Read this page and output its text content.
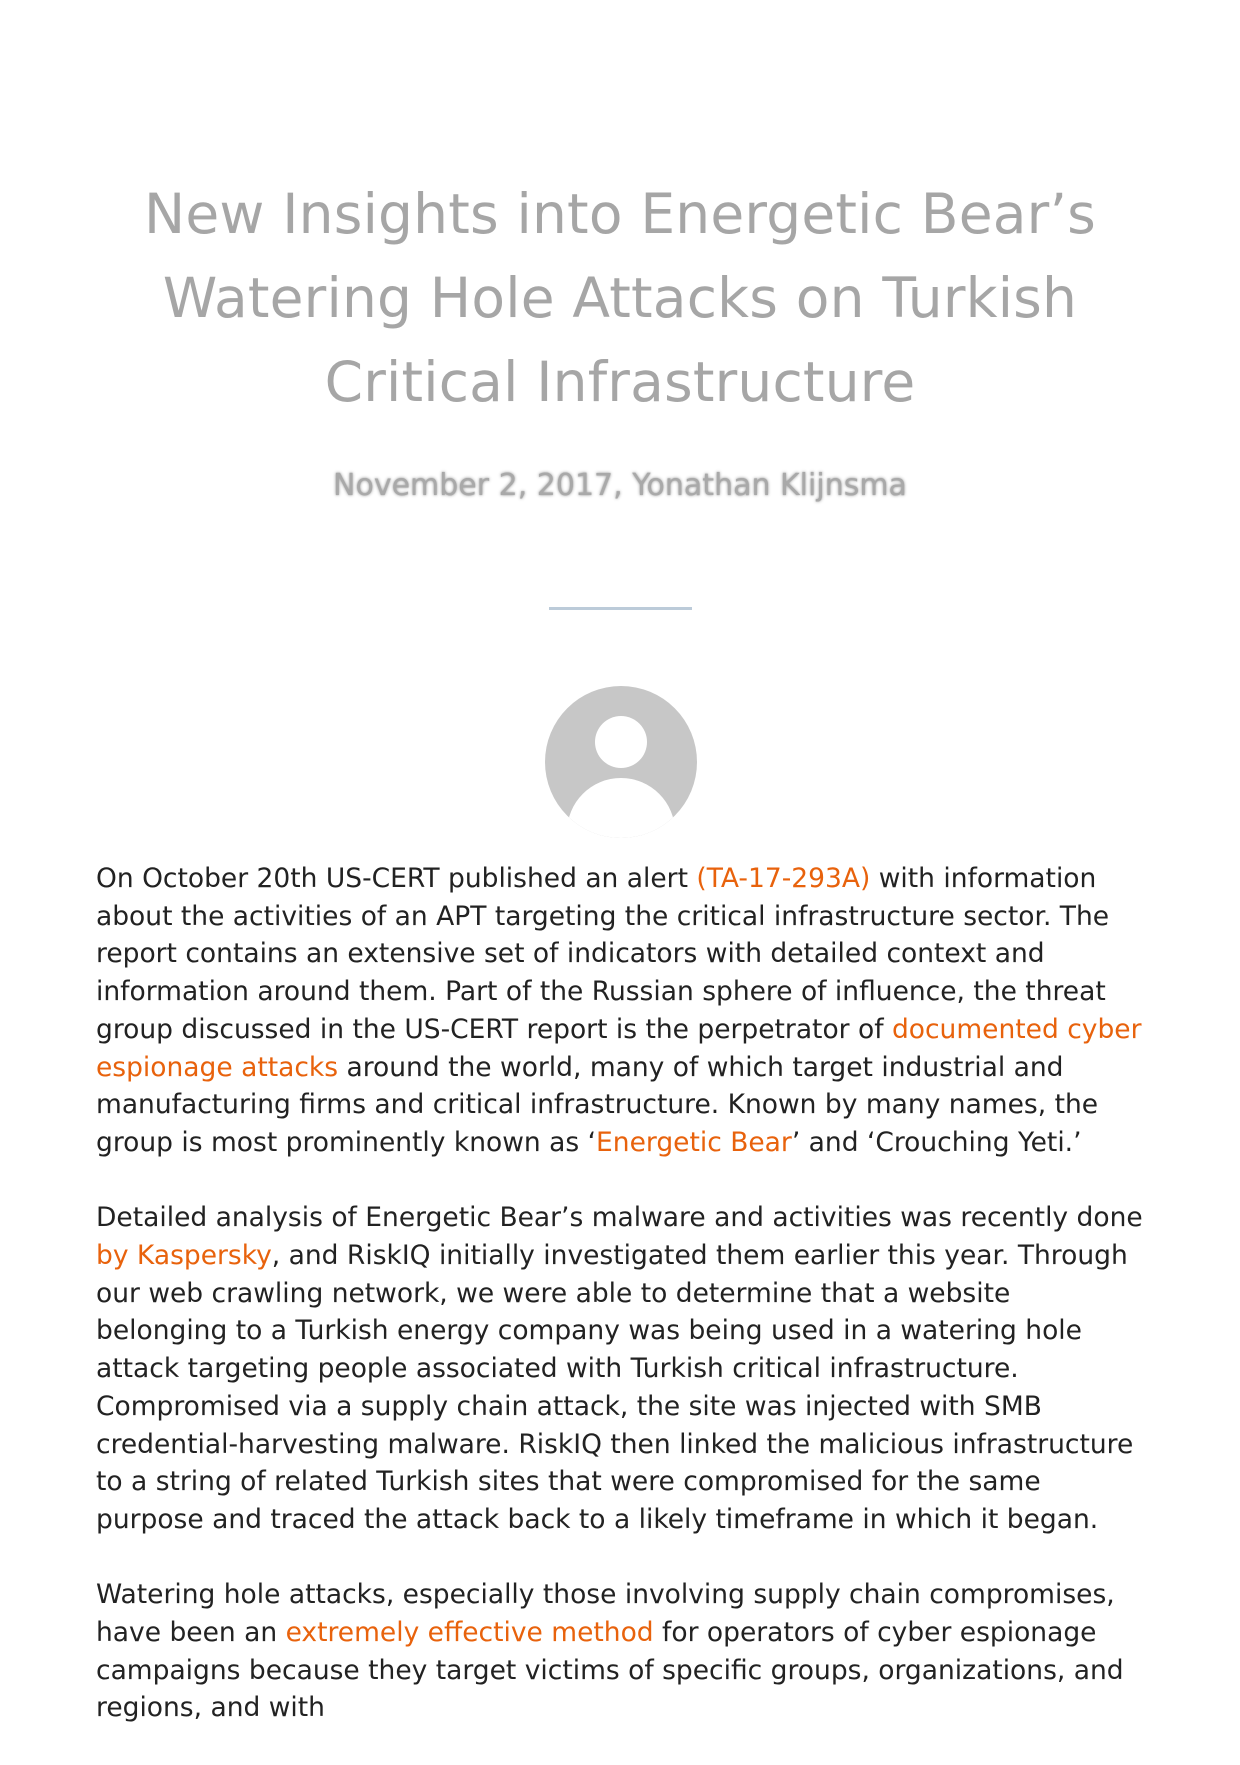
New Insights into Energetic Bear’s Watering Hole Attacks on Turkish Critical Infrastructure
November 2, 2017, Yonathan Klijnsma

On October 20th US-CERT published an alert (TA-17-293A) with information about the activities of an APT targeting the critical infrastructure sector. The report contains an extensive set of indicators with detailed context and information around them. Part of the Russian sphere of influence, the threat group discussed in the US-CERT report is the perpetrator of documented cyber espionage attacks around the world, many of which target industrial and manufacturing firms and critical infrastructure. Known by many names, the group is most prominently known as ‘Energetic Bear’ and ‘Crouching Yeti.’

Detailed analysis of Energetic Bear’s malware and activities was recently done by Kaspersky, and RiskIQ initially investigated them earlier this year. Through our web crawling network, we were able to determine that a website belonging to a Turkish energy company was being used in a watering hole attack targeting people associated with Turkish critical infrastructure. Compromised via a supply chain attack, the site was injected with SMB credential-harvesting malware. RiskIQ then linked the malicious infrastructure to a string of related Turkish sites that were compromised for the same purpose and traced the attack back to a likely timeframe in which it began.

Watering hole attacks, especially those involving supply chain compromises, have been an extremely effective method for operators of cyber espionage campaigns because they target victims of specific groups, organizations, and regions, and with
